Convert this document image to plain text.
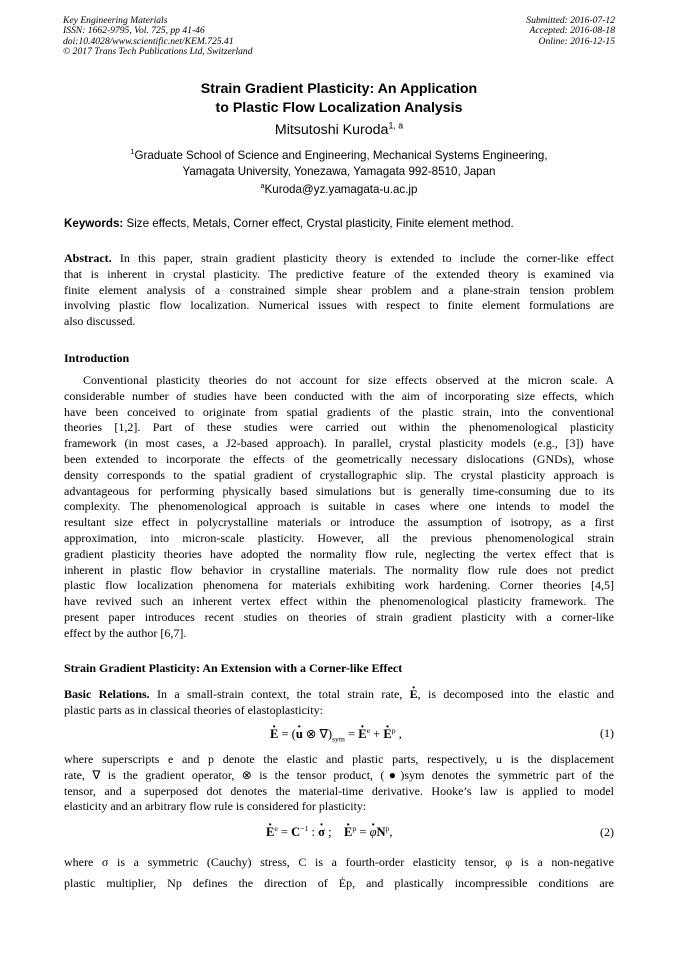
Key Engineering Materials
ISSN: 1662-9795, Vol. 725, pp 41-46
doi:10.4028/www.scientific.net/KEM.725.41
© 2017 Trans Tech Publications Ltd, Switzerland
Submitted: 2016-07-12
Accepted: 2016-08-18
Online: 2016-12-15
Strain Gradient Plasticity: An Application
to Plastic Flow Localization Analysis
Mitsutoshi Kuroda$^{1, a}$
$^1$Graduate School of Science and Engineering, Mechanical Systems Engineering,
Yamagata University, Yonezawa, Yamagata 992-8510, Japan
$^a$Kuroda@yz.yamagata-u.ac.jp
Keywords: Size effects, Metals, Corner effect, Crystal plasticity, Finite element method.
Abstract. In this paper, strain gradient plasticity theory is extended to include the corner-like effect
that is inherent in crystal plasticity. The predictive feature of the extended theory is examined via
finite element analysis of a constrained simple shear problem and a plane-strain tension problem
involving plastic flow localization. Numerical issues with respect to finite element formulations are
also discussed.
Introduction
Conventional plasticity theories do not account for size effects observed at the micron scale. A
considerable number of studies have been conducted with the aim of incorporating size effects, which
have been conceived to originate from spatial gradients of the plastic strain, into the conventional
theories [1,2]. Part of these studies were carried out within the phenomenological plasticity
framework (in most cases, a J2-based approach). In parallel, crystal plasticity models (e.g., [3]) have
been extended to incorporate the effects of the geometrically necessary dislocations (GNDs), whose
density corresponds to the spatial gradient of crystallographic slip. The crystal plasticity approach is
advantageous for performing physically based simulations but is generally time-consuming due to its
complexity. The phenomenological approach is suitable in cases where one intends to model the
resultant size effect in polycrystalline materials or introduce the assumption of isotropy, as a first
approximation, into micron-scale plasticity. However, all the previous phenomenological strain
gradient plasticity theories have adopted the normality flow rule, neglecting the vertex effect that is
inherent in plastic flow behavior in crystalline materials. The normality flow rule does not predict
plastic flow localization phenomena for materials exhibiting work hardening. Corner theories [4,5]
have revived such an inherent vertex effect within the phenomenological plasticity framework. The
present paper introduces recent studies on theories of strain gradient plasticity with a corner-like
effect by the author [6,7].
Strain Gradient Plasticity: An Extension with a Corner-like Effect
Basic Relations. In a small-strain context, the total strain rate, · E, is decomposed into the elastic and
plastic parts as in classical theories of elastoplasticity:
· E = (· u ⊗ $\nabla)_{sym}$ = · $E^e$ + · $E^p$ ,	(1)
where superscripts e and p denote the elastic and plastic parts, respectively, u is the displacement
rate, ∇ is the gradient operator, ⊗ is the tensor product, (●)sym denotes the symmetric part of the
tensor, and a superposed dot denotes the material-time derivative. Hooke’s law is applied to model
elasticity and an arbitrary flow rule is considered for plasticity:
· $E^e = C^{-1}$ : · σ ;    · $E^p$ = · $\varphi N^p$,	(2)
where σ is a symmetric (Cauchy) stress, C is a fourth-order elasticity tensor, φ is a non-negative
plastic multiplier, Np defines the direction of Ėp, and plastically incompressible conditions are
